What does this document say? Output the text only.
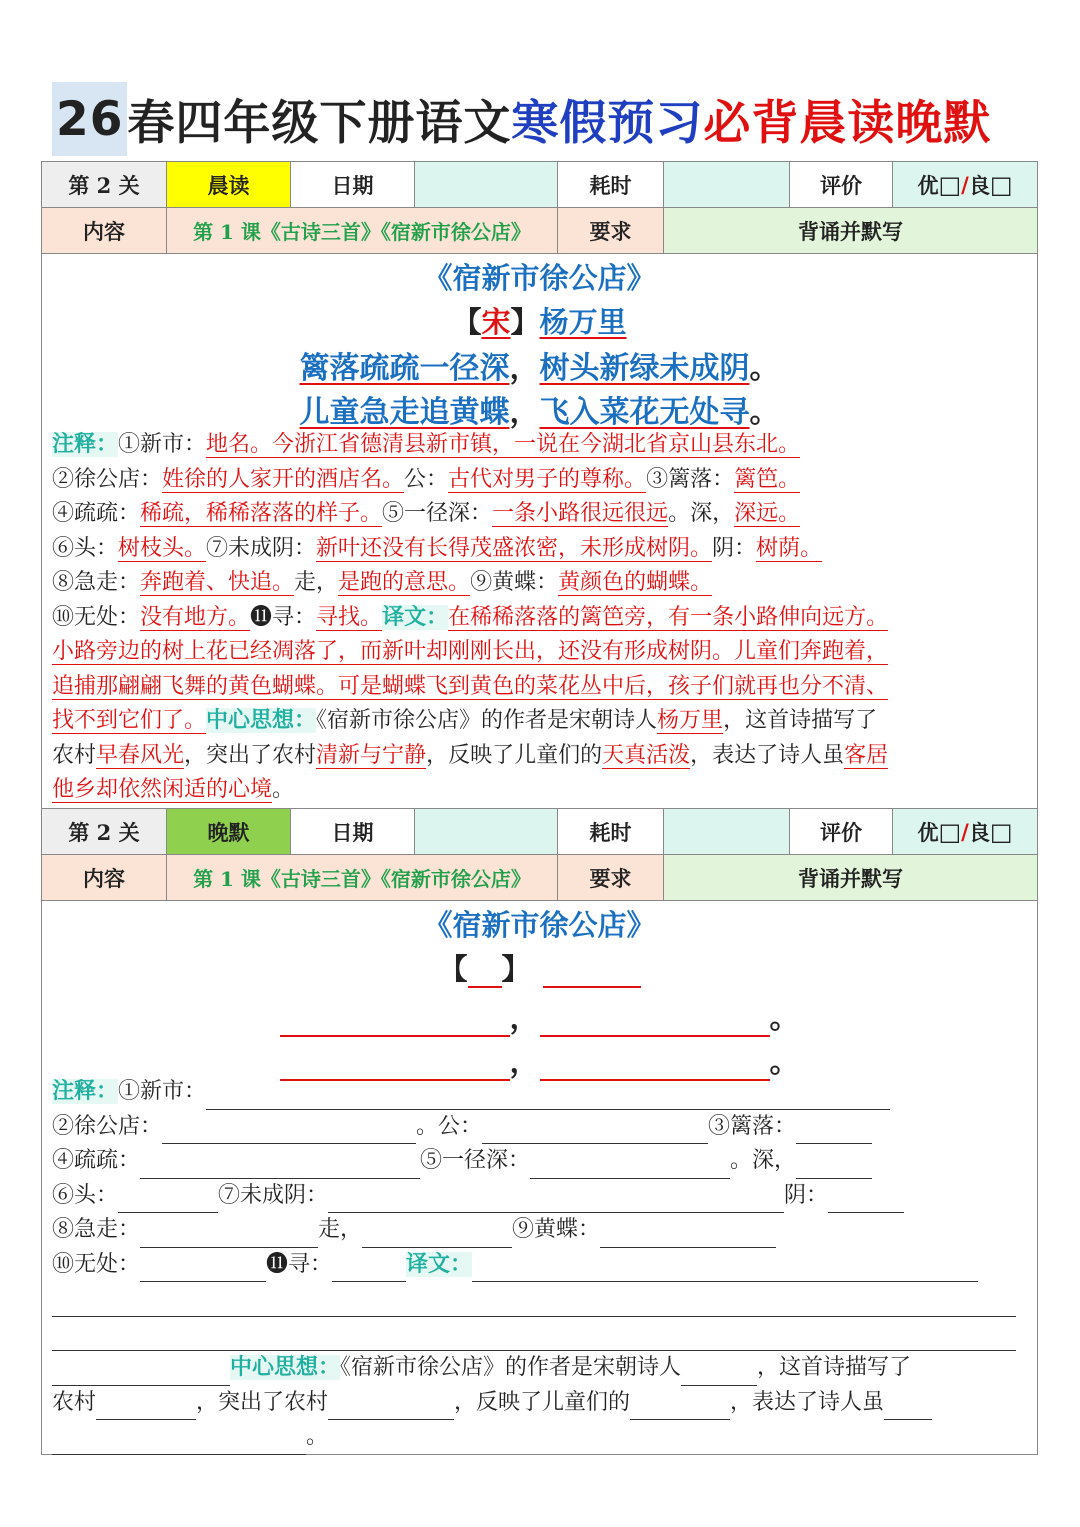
26 春四年级下册语文 寒假预习 必背晨读晚默
第 2 关	晨读	日期	耗时	评价	优 □ / 良 □
内容	第 1 课《古诗三首》《宿新市徐公店》	要求	背诵并默写
《宿新市徐公店》
【宋】杨万里
篱落疏疏一径深，树头新绿未成阴。
儿童急走追黄蝶，飞入菜花无处寻。
注释：①新市：地名。今浙江省德清县新市镇，一说在今湖北省京山县东北。
②徐公店：姓徐的人家开的酒店名。公：古代对男子的尊称。③篱落：篱笆。
④疏疏：稀疏，稀稀落落的样子。⑤一径深：一条小路很远很远。深，深远。
⑥头：树枝头。⑦未成阴：新叶还没有长得茂盛浓密，未形成树阴。阴：树荫。
⑧急走：奔跑着、快追。走，是跑的意思。⑨黄蝶：黄颜色的蝴蝶。
⑩无处：没有地方。⓫寻：寻找。译文：在稀稀落落的篱笆旁，有一条小路伸向远方。
小路旁边的树上花已经凋落了，而新叶却刚刚长出，还没有形成树阴。儿童们奔跑着，
追捕那翩翩飞舞的黄色蝴蝶。可是蝴蝶飞到黄色的菜花丛中后，孩子们就再也分不清、
找不到它们了。中心思想：《宿新市徐公店》的作者是宋朝诗人杨万里，这首诗描写了
农村早春风光，突出了农村清新与宁静，反映了儿童们的天真活泼，表达了诗人虽客居
他乡却依然闲适的心境。
第 2 关	晚默	日期	耗时	评价	优 □ / 良 □
内容	第 1 课《古诗三首》《宿新市徐公店》	要求	背诵并默写
《宿新市徐公店》
【 】
，	。
，	。
注释：①新市：
②徐公店：	。公：	③篱落：
④疏疏：	⑤一径深：	。深，
⑥头：	⑦未成阴：	阴：
⑧急走：	走，	⑨黄蝶：
⑩无处：	⓫寻：	译文：
中心思想：《宿新市徐公店》的作者是宋朝诗人	，这首诗描写了
农村	，突出了农村	，反映了儿童们的	，表达了诗人虽
。
